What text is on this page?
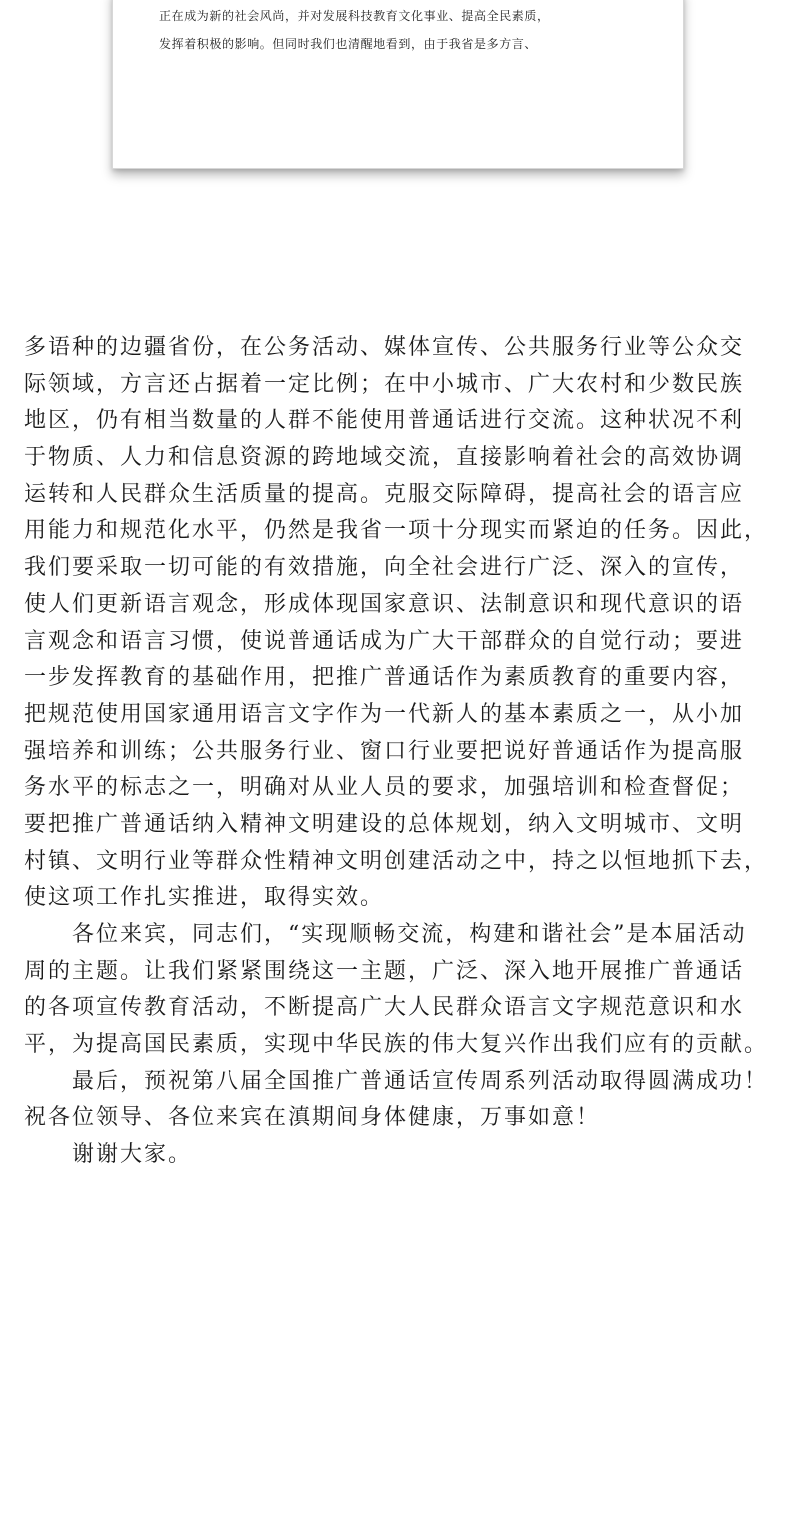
正在成为新的社会风尚，并对发展科技教育文化事业、提高全民素质，
发挥着积极的影响。但同时我们也清醒地看到，由于我省是多方言、
多语种的边疆省份，在公务活动、媒体宣传、公共服务行业等公众交
际领域，方言还占据着一定比例；在中小城市、广大农村和少数民族
地区，仍有相当数量的人群不能使用普通话进行交流。这种状况不利
于物质、人力和信息资源的跨地域交流，直接影响着社会的高效协调
运转和人民群众生活质量的提高。克服交际障碍，提高社会的语言应
用能力和规范化水平，仍然是我省一项十分现实而紧迫的任务。因此，
我们要采取一切可能的有效措施，向全社会进行广泛、深入的宣传，
使人们更新语言观念，形成体现国家意识、法制意识和现代意识的语
言观念和语言习惯，使说普通话成为广大干部群众的自觉行动；要进
一步发挥教育的基础作用，把推广普通话作为素质教育的重要内容，
把规范使用国家通用语言文字作为一代新人的基本素质之一，从小加
强培养和训练；公共服务行业、窗口行业要把说好普通话作为提高服
务水平的标志之一，明确对从业人员的要求，加强培训和检查督促；
要把推广普通话纳入精神文明建设的总体规划，纳入文明城市、文明
村镇、文明行业等群众性精神文明创建活动之中，持之以恒地抓下去，
使这项工作扎实推进，取得实效。
各位来宾，同志们，“实现顺畅交流，构建和谐社会”是本届活动
周的主题。让我们紧紧围绕这一主题，广泛、深入地开展推广普通话
的各项宣传教育活动，不断提高广大人民群众语言文字规范意识和水
平，为提高国民素质，实现中华民族的伟大复兴作出我们应有的贡献。
最后，预祝第八届全国推广普通话宣传周系列活动取得圆满成功！
祝各位领导、各位来宾在滇期间身体健康，万事如意！
谢谢大家。
